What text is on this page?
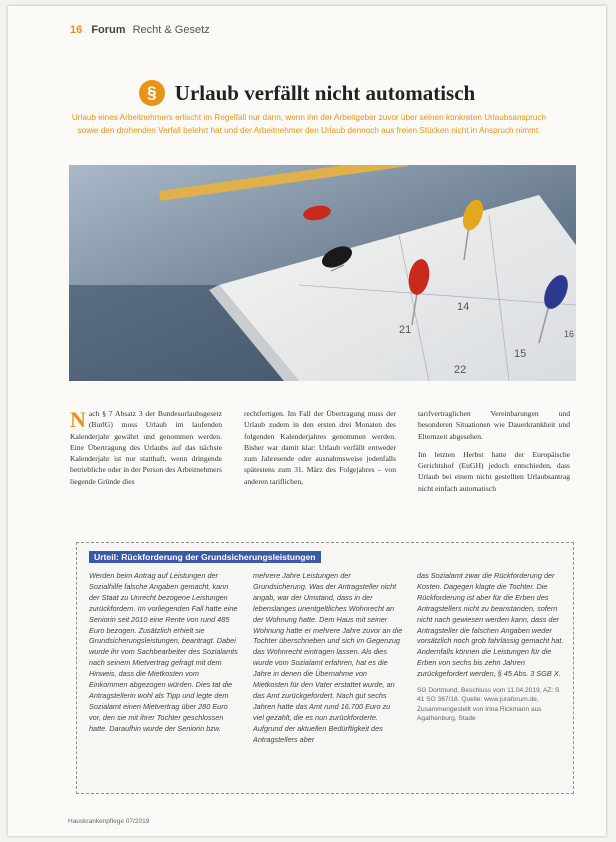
16 Forum Recht & Gesetz
§ Urlaub verfällt nicht automatisch
Urlaub eines Arbeitnehmers erlischt im Regelfall nur dann, wenn ihn der Arbeitgeber zuvor über seinen konkreten Urlaubsanspruch sowie den drohenden Verfall belehrt hat und der Arbeitnehmer den Urlaub dennoch aus freien Stücken nicht in Anspruch nimmt.
14
15
21
22
16

Nach § 7 Absatz 3 der Bundesurlaubsgesetz (BurlG) muss Urlaub im laufenden Kalenderjahr gewährt und genommen werden. Eine Übertragung des Urlaubs auf das nächste Kalenderjahr ist nur statthaft, wenn dringende betriebliche oder in der Person des Arbeitnehmers liegende Gründe dies

rechtfertigen. Im Fall der Übertragung muss der Urlaub zudem in den ersten drei Monaten des folgenden Kalenderjahres genommen werden. Bisher war damit klar: Urlaub verfällt entweder zum Jahresende oder ausnahmsweise jedenfalls spätestens zum 31. März des Folgejahres – von anderen tariflichen,

tarifvertraglichen Vereinbarungen und besonderen Situationen wie Dauerkrankheit und Elternzeit abgesehen.

Im letzten Herbst hatte der Europäische Gerichtshof (EuGH) jedoch entschieden, dass Urlaub bei einem nicht gestellten Urlaubsantrag nicht einfach automatisch

Urteil: Rückforderung der Grundsicherungsleistungen

Werden beim Antrag auf Leistungen der Sozialhilfe falsche Angaben gemacht, kann der Staat zu Unrecht bezogene Leistungen zurückfordern. Im vorliegenden Fall hatte eine Seniorin seit 2010 eine Rente von rund 485 Euro bezogen. Zusätzlich erhielt sie Grundsicherungsleistungen, beantragt. Dabei wurde ihr vom Sachbearbeiter des Sozialamts nach seinem Mietvertrag gefragt mit dem Hinweis, dass die Mietkosten vom Einkommen abgezogen würden. Dies tat die Antragstellerin wohl als Tipp und legte dem Sozialamt einen Mietvertrag über 280 Euro vor, den sie mit ihrer Tochter geschlossen hatte. Daraufhin wurde der Seniorin bzw.

mehrere Jahre Leistungen der Grundsicherung. Was der Antragsteller nicht angab, war der Umstand, dass in der lebenslanges unentgeltliches Wohnrecht an der Wohnung hatte. Dem Haus mit seiner Wohnung hatte er mehrere Jahre zuvor an die Tochter überschrieben und sich im Gegenzug das Wohnrecht eintragen lassen. Als dies wurde vom Sozialamt erfahren, hat es die Jahre in denen die Übernahme von Mietkosten für den Vater erstattet wurde, an das Amt zurückgefordert. Nach gut sechs Jahren hatte das Amt rund 16.700 Euro zu viel gezahlt, die es nun zurückforderte. Aufgrund der aktuellen Bedürftigkeit des Antragstellers aber

das Sozialamt zwar die Rückforderung der Kosten. Dagegen klagte die Tochter. Die Rückforderung ist aber für die Erben des Antragstellers nicht zu beanstanden, sofern nicht nach gewiesen werden kann, dass der Antragsteller die falschen Angaben weder vorsätzlich noch grob fahrlässig gemacht hat. Andernfalls können die Leistungen für die Erben von sechs bis zehn Jahren zurückgefordert werden, § 45 Abs. 3 SGB X.

SG Dortmund, Beschluss vom 11.04.2019, AZ: S 41 SO 367/18. Quelle: www.juraforum.de, Zusammengestellt von Irina Rickmann aus Agathenburg, Stade

Hauskrankenpflege 07/2019
